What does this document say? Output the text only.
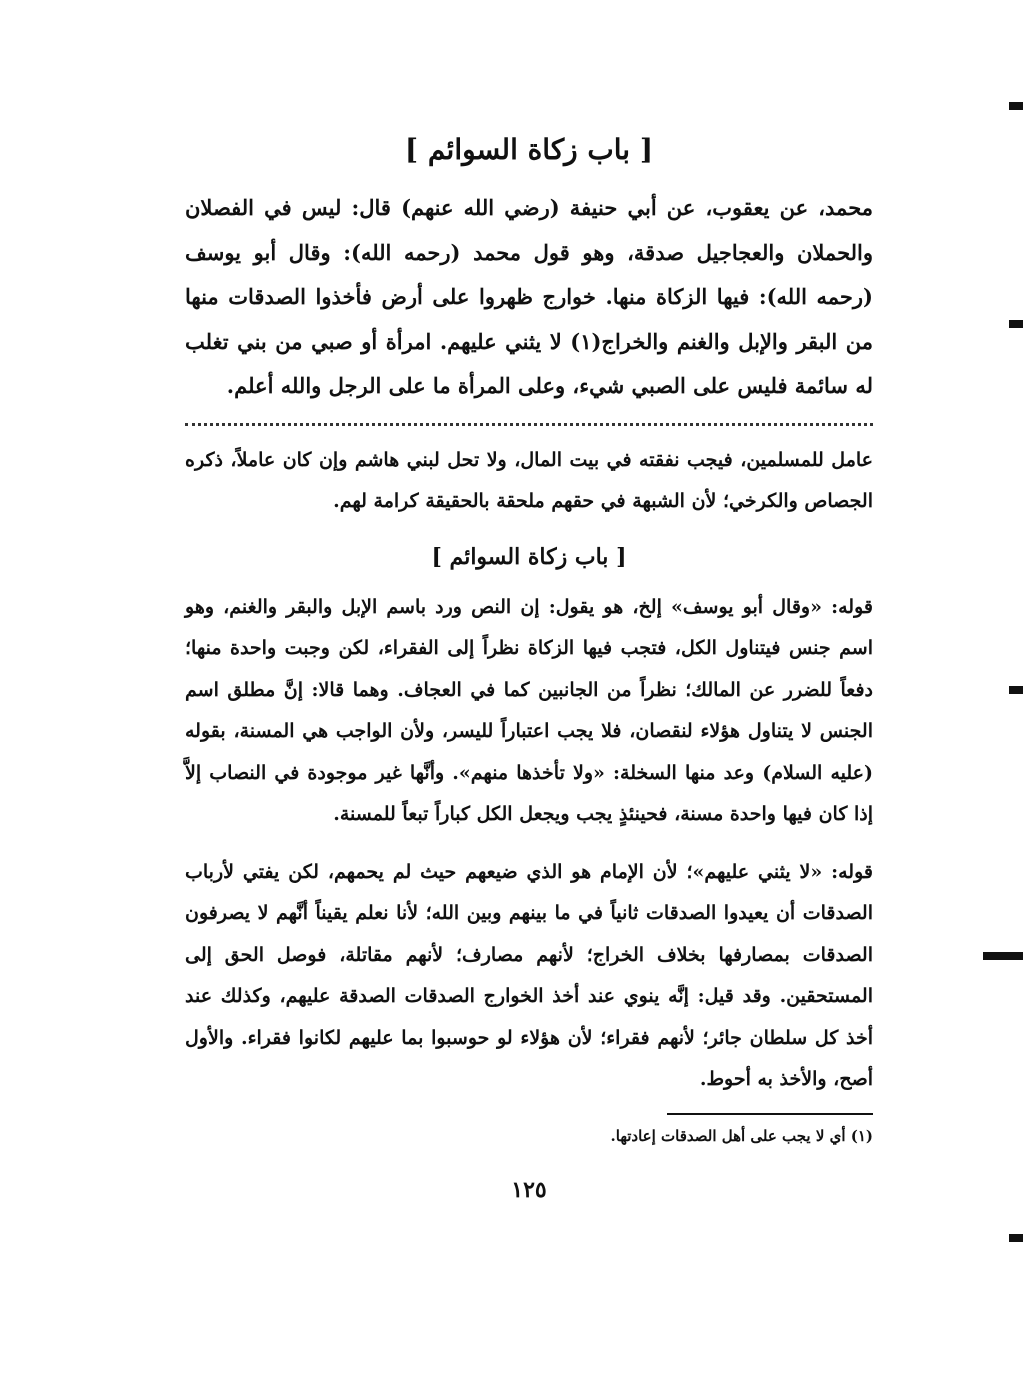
[ باب زكاة السوائم ]

محمد، عن يعقوب، عن أبي حنيفة (رضي الله عنهم) قال: ليس في الفصلان والحملان والعجاجيل صدقة، وهو قول محمد (رحمه الله): وقال أبو يوسف (رحمه الله): فيها الزكاة منها. خوارج ظهروا على أرض فأخذوا الصدقات منها من البقر والإبل والغنم والخراج(١) لا يثني عليهم. امرأة أو صبي من بني تغلب له سائمة فليس على الصبي شيء، وعلى المرأة ما على الرجل والله أعلم.

عامل للمسلمين، فيجب نفقته في بيت المال، ولا تحل لبني هاشم وإن كان عاملاً، ذكره الجصاص والكرخي؛ لأن الشبهة في حقهم ملحقة بالحقيقة كرامة لهم.

[ باب زكاة السوائم ]

قوله: «وقال أبو يوسف» إلخ، هو يقول: إن النص ورد باسم الإبل والبقر والغنم، وهو اسم جنس فيتناول الكل، فتجب فيها الزكاة نظراً إلى الفقراء، لكن وجبت واحدة منها؛ دفعاً للضرر عن المالك؛ نظراً من الجانبين كما في العجاف. وهما قالا: إنَّ مطلق اسم الجنس لا يتناول هؤلاء لنقصان، فلا يجب اعتباراً لليسر، ولأن الواجب هي المسنة، بقوله (عليه السلام) وعد منها السخلة: «ولا تأخذها منهم». وأنَّها غير موجودة في النصاب إلاَّ إذا كان فيها واحدة مسنة، فحينئذٍ يجب ويجعل الكل كباراً تبعاً للمسنة.

قوله: «لا يثني عليهم»؛ لأن الإمام هو الذي ضيعهم حيث لم يحمهم، لكن يفتي لأرباب الصدقات أن يعيدوا الصدقات ثانياً في ما بينهم وبين الله؛ لأنا نعلم يقيناً أنَّهم لا يصرفون الصدقات بمصارفها بخلاف الخراج؛ لأنهم مصارف؛ لأنهم مقاتلة، فوصل الحق إلى المستحقين. وقد قيل: إنَّه ينوي عند أخذ الخوارج الصدقات الصدقة عليهم، وكذلك عند أخذ كل سلطان جائر؛ لأنهم فقراء؛ لأن هؤلاء لو حوسبوا بما عليهم لكانوا فقراء. والأول أصح، والأخذ به أحوط.

(١) أي لا يجب على أهل الصدقات إعادتها.

١٢٥
